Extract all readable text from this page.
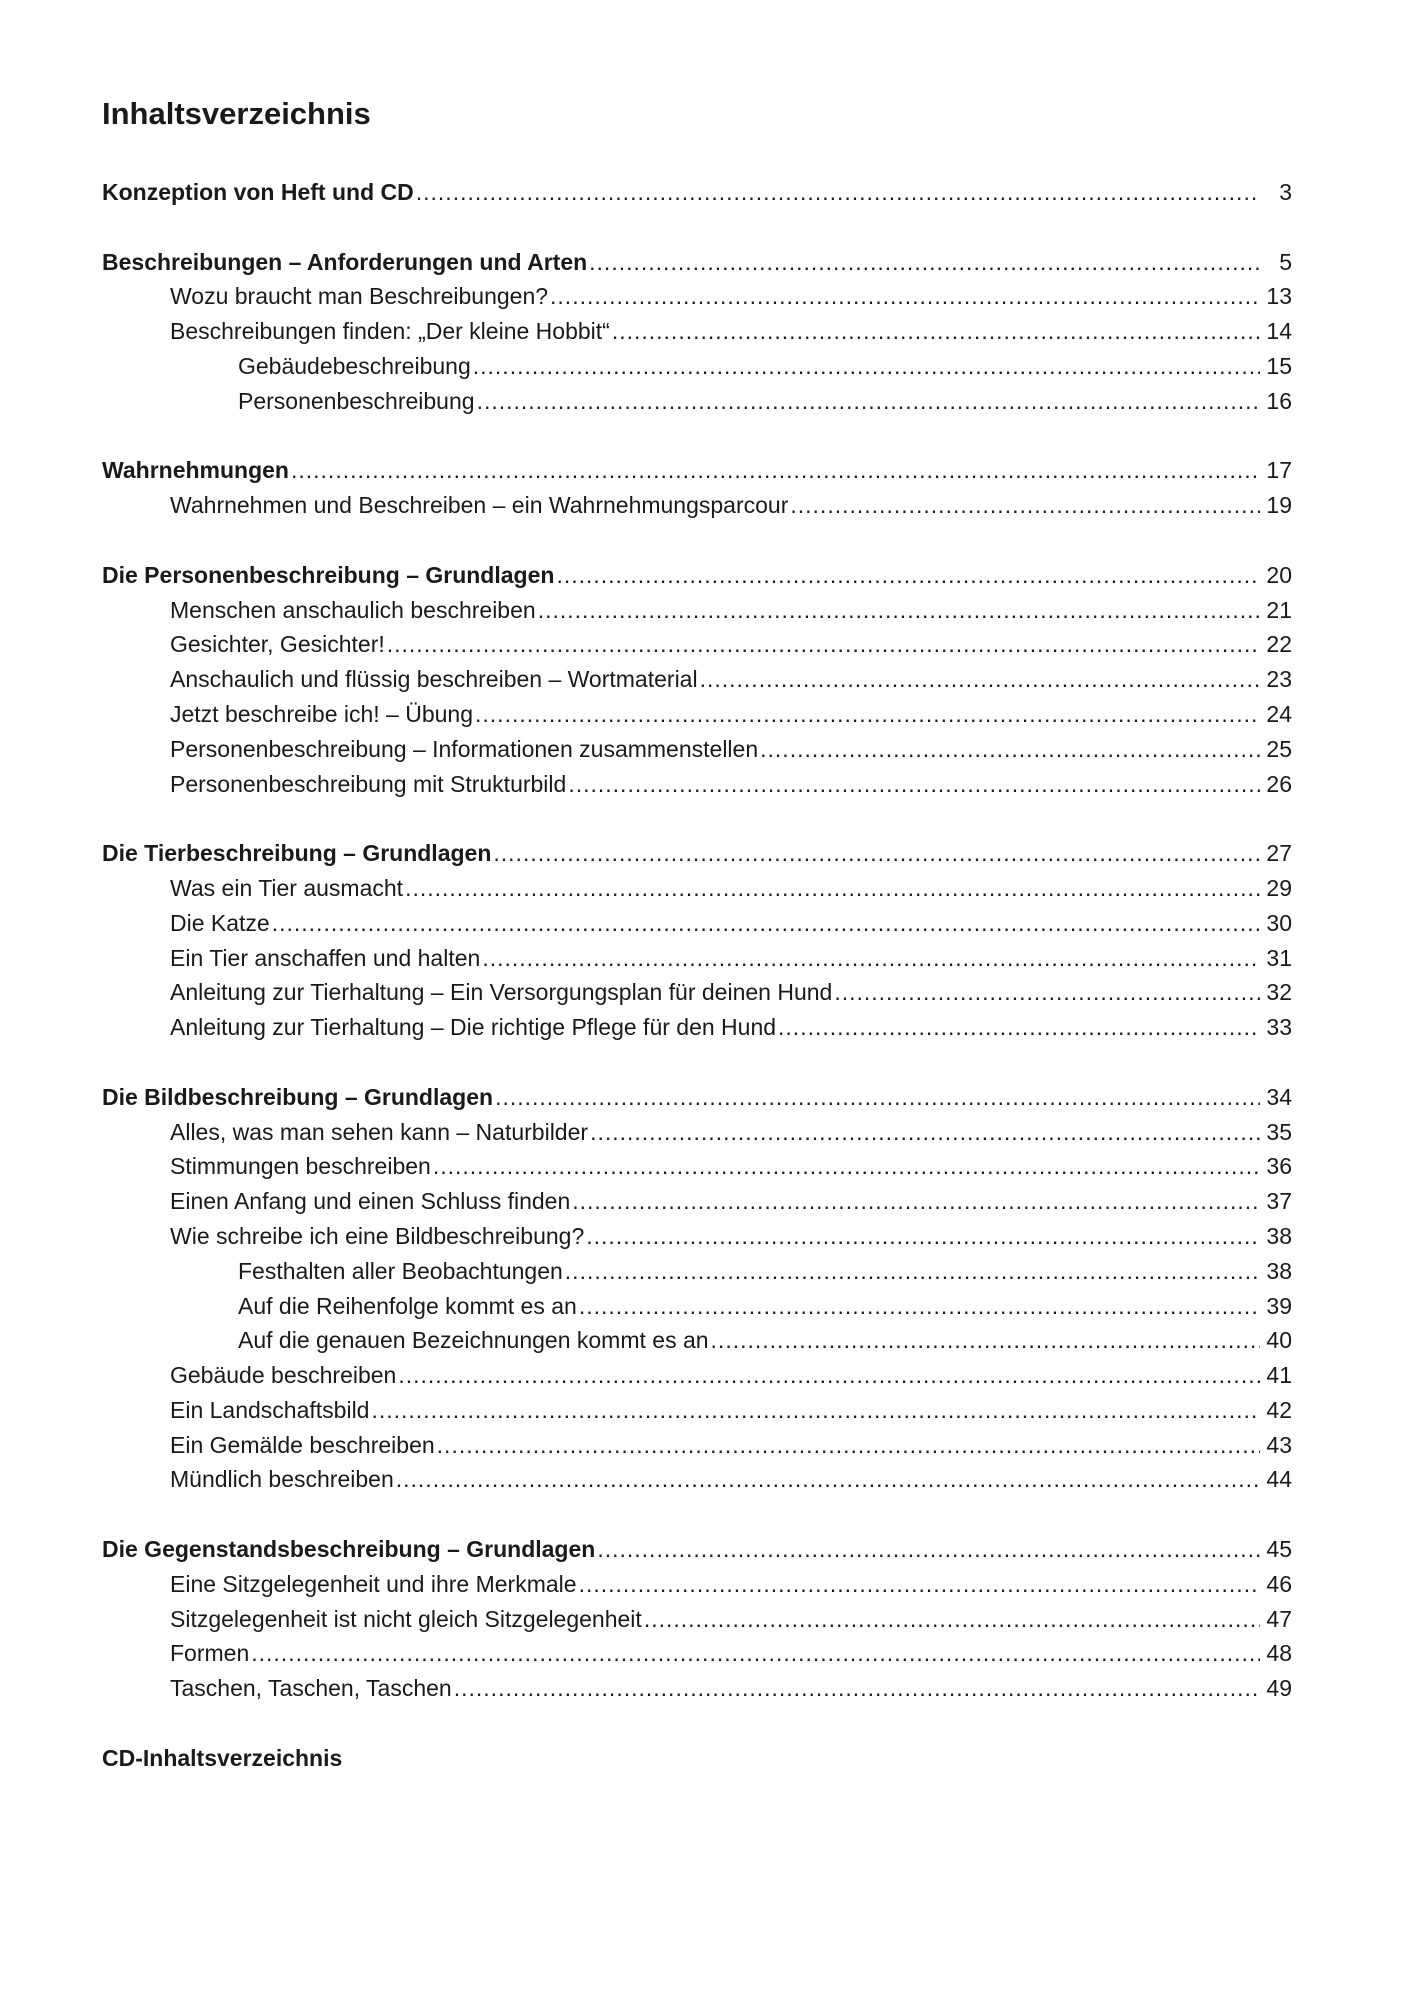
Inhaltsverzeichnis
Konzeption von Heft und CD .....	3
Beschreibungen – Anforderungen und Arten .....	5
Wozu braucht man Beschreibungen? .....	13
Beschreibungen finden: „Der kleine Hobbit“ .....	14
Gebäudebeschreibung .....	15
Personenbeschreibung .....	16
Wahrnehmungen .....	17
Wahrnehmen und Beschreiben – ein Wahrnehmungsparcour .....	19
Die Personenbeschreibung – Grundlagen .....	20
Menschen anschaulich beschreiben .....	21
Gesichter, Gesichter! .....	22
Anschaulich und flüssig beschreiben – Wortmaterial .....	23
Jetzt beschreibe ich! – Übung .....	24
Personenbeschreibung – Informationen zusammenstellen .....	25
Personenbeschreibung mit Strukturbild .....	26
Die Tierbeschreibung – Grundlagen .....	27
Was ein Tier ausmacht .....	29
Die Katze .....	30
Ein Tier anschaffen und halten .....	31
Anleitung zur Tierhaltung – Ein Versorgungsplan für deinen Hund .....	32
Anleitung zur Tierhaltung – Die richtige Pflege für den Hund .....	33
Die Bildbeschreibung – Grundlagen .....	34
Alles, was man sehen kann – Naturbilder .....	35
Stimmungen beschreiben .....	36
Einen Anfang und einen Schluss finden .....	37
Wie schreibe ich eine Bildbeschreibung? .....	38
Festhalten aller Beobachtungen .....	38
Auf die Reihenfolge kommt es an .....	39
Auf die genauen Bezeichnungen kommt es an .....	40
Gebäude beschreiben .....	41
Ein Landschaftsbild .....	42
Ein Gemälde beschreiben .....	43
Mündlich beschreiben .....	44
Die Gegenstandsbeschreibung – Grundlagen .....	45
Eine Sitzgelegenheit und ihre Merkmale .....	46
Sitzgelegenheit ist nicht gleich Sitzgelegenheit .....	47
Formen .....	48
Taschen, Taschen, Taschen .....	49
CD-Inhaltsverzeichnis
